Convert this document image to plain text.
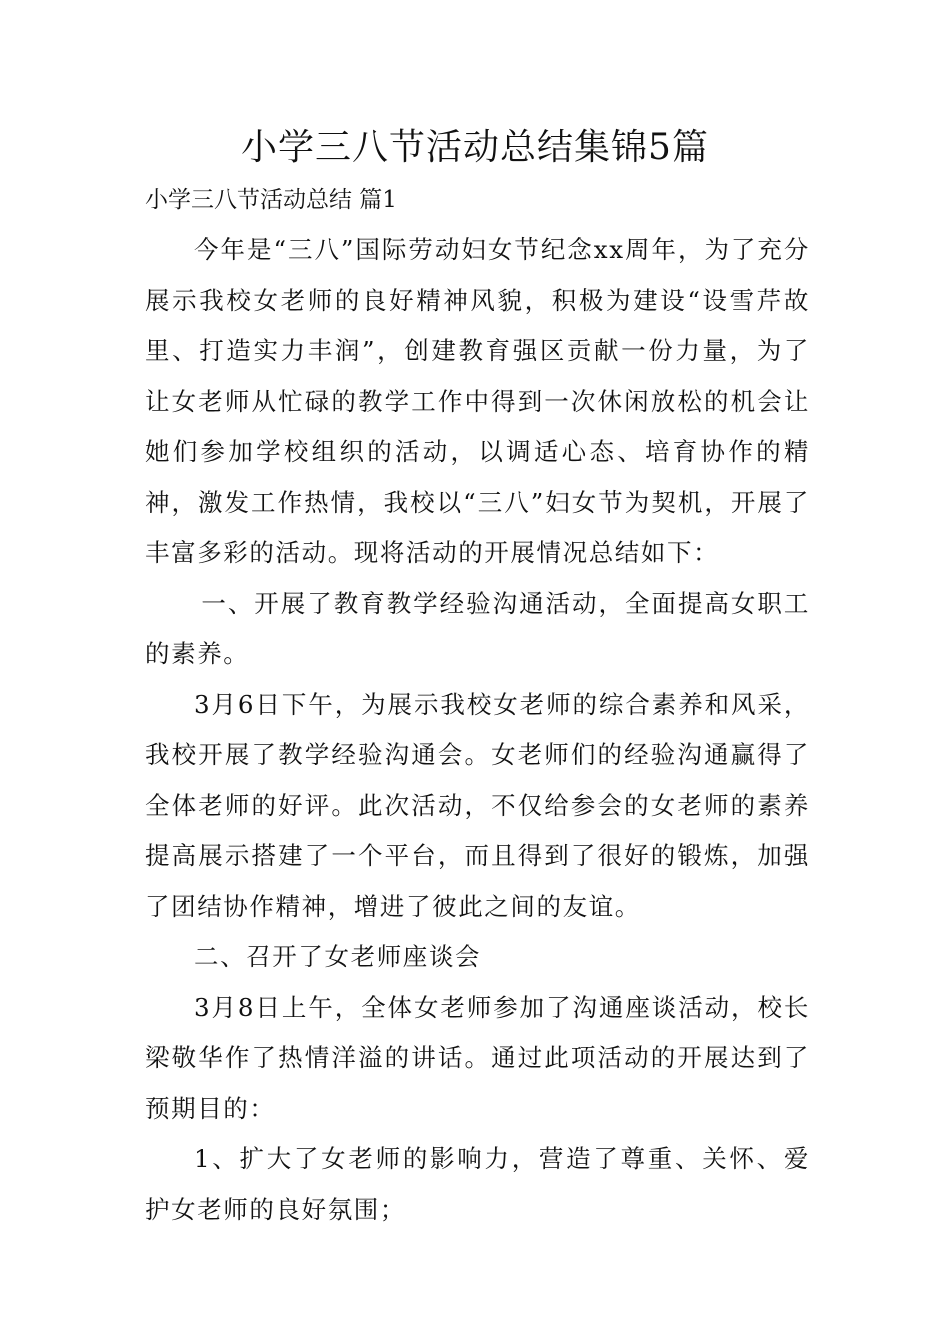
小学三八节活动总结集锦5篇

小学三八节活动总结 篇1

今年是“三八”国际劳动妇女节纪念xx周年，为了充分展示我校女老师的良好精神风貌，积极为建设“设雪芹故里、打造实力丰润”，创建教育强区贡献一份力量，为了让女老师从忙碌的教学工作中得到一次休闲放松的机会让她们参加学校组织的活动，以调适心态、培育协作的精神，激发工作热情，我校以“三八”妇女节为契机，开展了丰富多彩的活动。现将活动的开展情况总结如下：

一、开展了教育教学经验沟通活动，全面提高女职工的素养。

3月6日下午，为展示我校女老师的综合素养和风采，我校开展了教学经验沟通会。女老师们的经验沟通赢得了全体老师的好评。此次活动，不仅给参会的女老师的素养提高展示搭建了一个平台，而且得到了很好的锻炼，加强了团结协作精神，增进了彼此之间的友谊。

二、召开了女老师座谈会

3月8日上午，全体女老师参加了沟通座谈活动，校长梁敬华作了热情洋溢的讲话。通过此项活动的开展达到了预期目的：

1、扩大了女老师的影响力，营造了尊重、关怀、爱护女老师的良好氛围；
